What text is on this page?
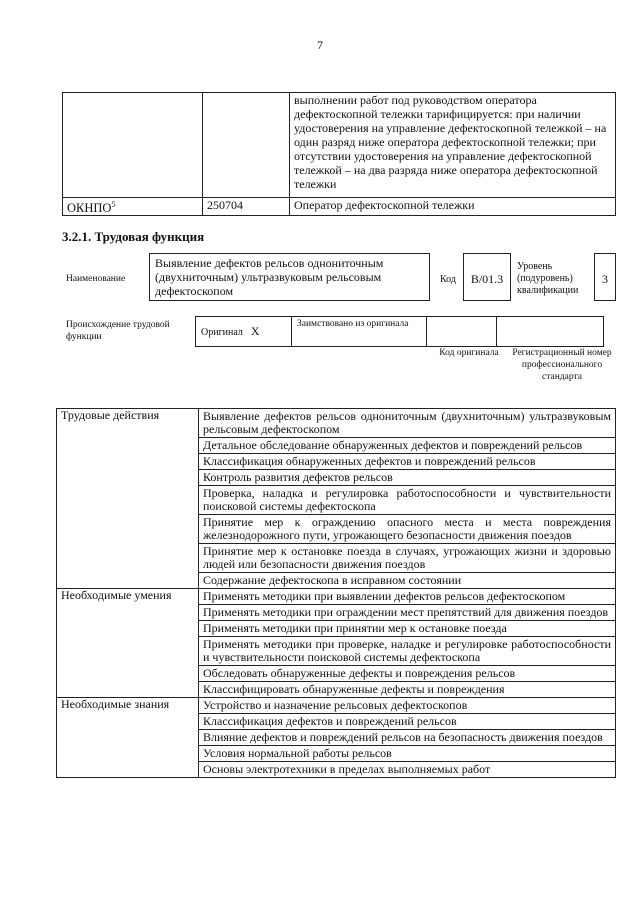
7
		выполнении работ под руководством оператора дефектоскопной тележки тарифицируется: при наличии удостоверения на управление дефектоскопной тележкой – на один разряд ниже оператора дефектоскопной тележки; при отсутствии удостоверения на управление дефектоскопной тележкой – на два разряда ниже оператора дефектоскопной тележки
ОКНПО$^5$	250704	Оператор дефектоскопной тележки
3.2.1. Трудовая функция
Наименование
Выявление дефектов рельсов однониточным (двухниточным) ультразвуковым рельсовым дефектоскопом
Код	B/01.3
Уровень (подуровень) квалификации
3
Происхождение трудовой функции	Оригинал X	Заимствовано из оригинала		
Код оригинала	Регистрационный номер профессионального стандарта
Трудовые действия	Выявление дефектов рельсов однониточным (двухниточным) ультразвуковым рельсовым дефектоскопом
	Детальное обследование обнаруженных дефектов и повреждений рельсов
	Классификация обнаруженных дефектов и повреждений рельсов
	Контроль развития дефектов рельсов
	Проверка, наладка и регулировка работоспособности и чувствительности поисковой системы дефектоскопа
	Принятие мер к ограждению опасного места и места повреждения железнодорожного пути, угрожающего безопасности движения поездов
	Принятие мер к остановке поезда в случаях, угрожающих жизни и здоровью людей или безопасности движения поездов
	Содержание дефектоскопа в исправном состоянии
Необходимые умения	Применять методики при выявлении дефектов рельсов дефектоскопом
	Применять методики при ограждении мест препятствий для движения поездов
	Применять методики при принятии мер к остановке поезда
	Применять методики при проверке, наладке и регулировке работоспособности и чувствительности поисковой системы дефектоскопа
	Обследовать обнаруженные дефекты и повреждения рельсов
	Классифицировать обнаруженные дефекты и повреждения
Необходимые знания	Устройство и назначение рельсовых дефектоскопов
	Классификация дефектов и повреждений рельсов
	Влияние дефектов и повреждений рельсов на безопасность движения поездов
	Условия нормальной работы рельсов
	Основы электротехники в пределах выполняемых работ
